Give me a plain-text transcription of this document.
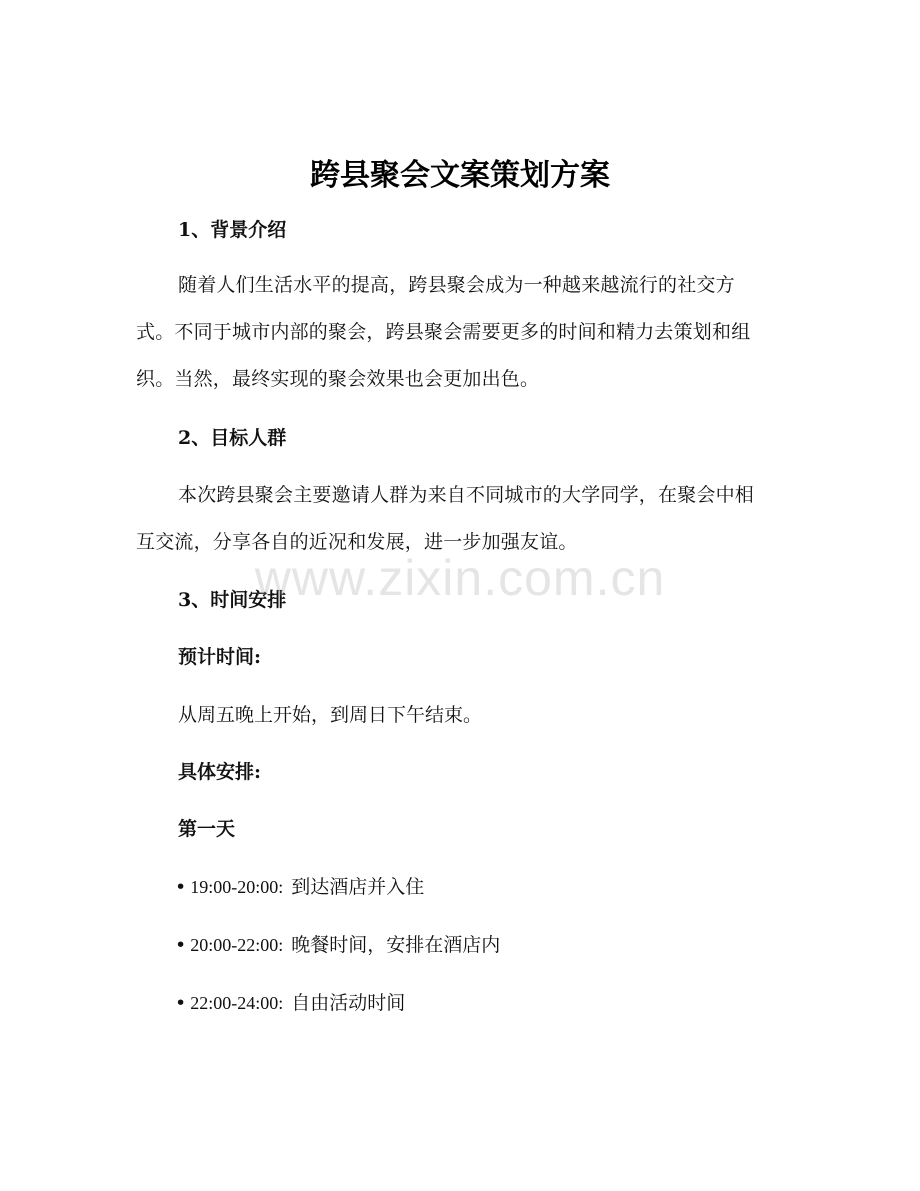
跨县聚会文案策划方案
1、背景介绍

随着人们生活水平的提高，跨县聚会成为一种越来越流行的社交方式。不同于城市内部的聚会，跨县聚会需要更多的时间和精力去策划和组织。当然，最终实现的聚会效果也会更加出色。

2、目标人群

本次跨县聚会主要邀请人群为来自不同城市的大学同学，在聚会中相互交流，分享各自的近况和发展，进一步加强友谊。

3、时间安排

预计时间:

从周五晚上开始，到周日下午结束。

具体安排:

第一天

• 19:00-20:00: 到达酒店并入住

• 20:00-22:00: 晚餐时间，安排在酒店内

• 22:00-24:00: 自由活动时间

www.zixin.com.cn
